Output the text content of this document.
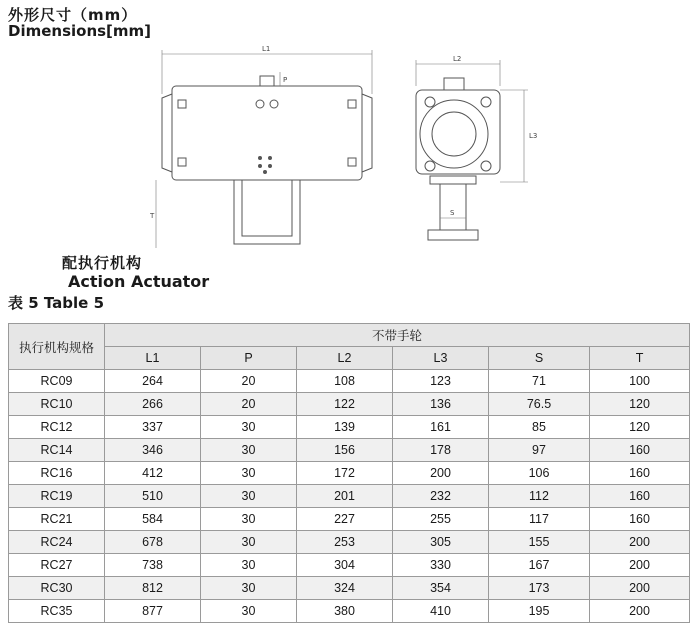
外形尺寸（mm）
Dimensions[mm]
L1
L2
L3
P
S
T
配执行机构
Action Actuator
表 5 Table 5
执行机构规格	不带手轮					
	L1	P	L2	L3	S	T
RC09	264	20	108	123	71	100
RC10	266	20	122	136	76.5	120
RC12	337	30	139	161	85	120
RC14	346	30	156	178	97	160
RC16	412	30	172	200	106	160
RC19	510	30	201	232	112	160
RC21	584	30	227	255	117	160
RC24	678	30	253	305	155	200
RC27	738	30	304	330	167	200
RC30	812	30	324	354	173	200
RC35	877	30	380	410	195	200
